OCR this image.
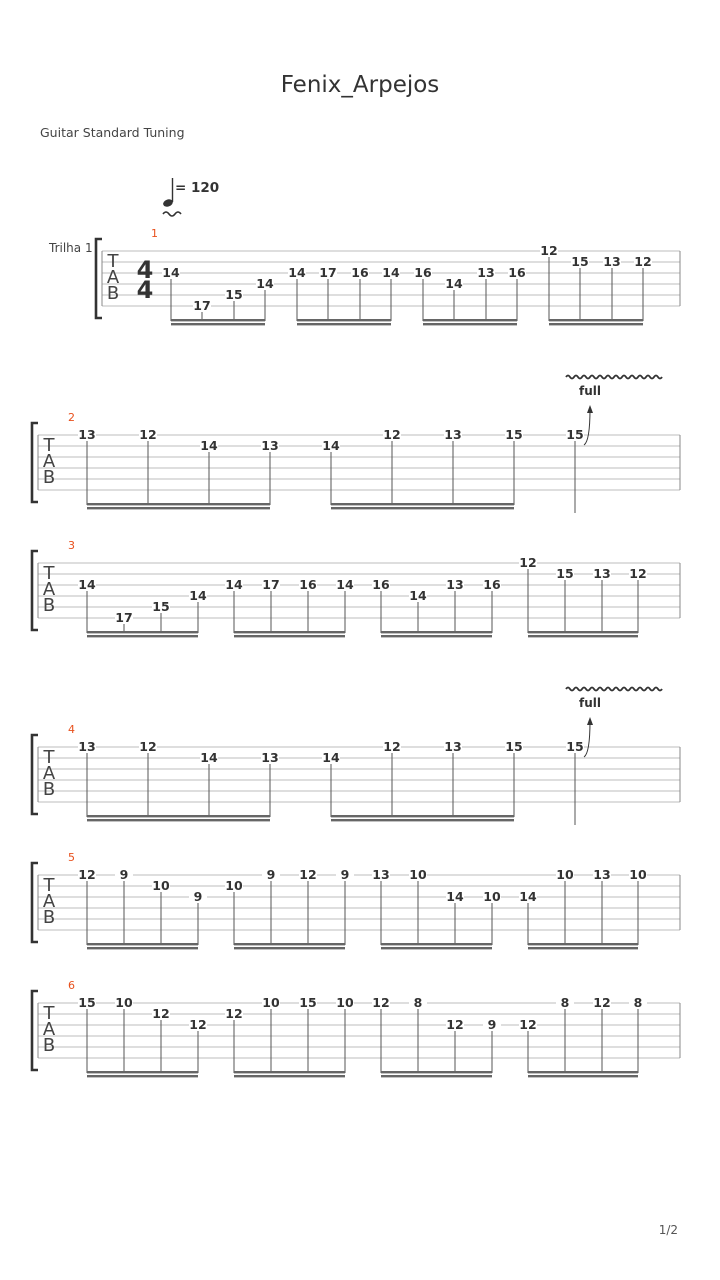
Fenix_Arpejos
Guitar Standard Tuning
Trilha 1
= 120
T
A
B
4
4
1
14
17
15
14
14 17 16 14 16
14
13 16
12
15 13 12
T
A
B
2
13	12
14	13	14
12	13	15	15
full
T
A
B
3
14
17
15
14
14 17 16 14 16
14
13 16
12
15 13 12
T
A
B
4
13	12
14	13	14
12	13	15	15
full
T
A
B
5
12 9
10
9
10
9 12 9 13 10
14 10 14
10 13 10
T
A
B
6
15 10
12
12
12
10 15 10 12 8
12 9 12
8 12 8
1/2
